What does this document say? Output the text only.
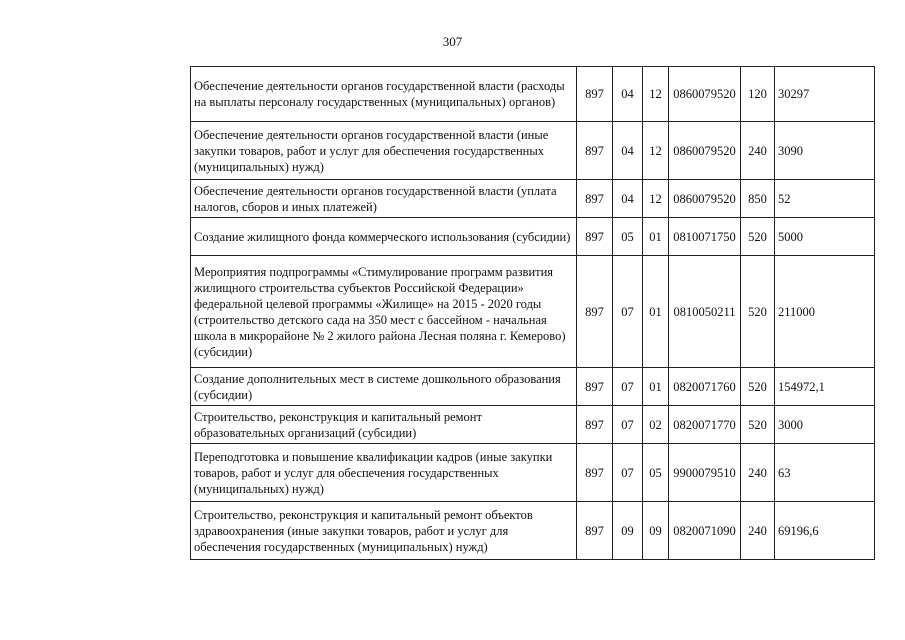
307
Обеспечение деятельности органов государственной власти (расходы на выплаты персоналу государственных (муниципальных) органов)	897	04	12	0860079520	120	30297
Обеспечение деятельности органов государственной власти (иные закупки товаров, работ и услуг для обеспечения государственных (муниципальных) нужд)	897	04	12	0860079520	240	3090
Обеспечение деятельности органов государственной власти (уплата налогов, сборов и иных платежей)	897	04	12	0860079520	850	52
Создание жилищного фонда коммерческого использования (субсидии)	897	05	01	0810071750	520	5000
Мероприятия подпрограммы «Стимулирование программ развития жилищного строительства субъектов Российской Федерации» федеральной целевой программы «Жилище» на 2015 - 2020 годы (строительство детского сада на 350 мест с бассейном - начальная школа в микрорайоне № 2 жилого района Лесная поляна г. Кемерово) (субсидии)	897	07	01	0810050211	520	211000
Создание дополнительных мест в системе дошкольного образования (субсидии)	897	07	01	0820071760	520	154972,1
Строительство, реконструкция и капитальный ремонт образовательных организаций (субсидии)	897	07	02	0820071770	520	3000
Переподготовка и повышение квалификации кадров (иные закупки товаров, работ и услуг для обеспечения государственных (муниципальных) нужд)	897	07	05	9900079510	240	63
Строительство, реконструкция и капитальный ремонт объектов здравоохранения (иные закупки товаров, работ и услуг для обеспечения государственных (муниципальных) нужд)	897	09	09	0820071090	240	69196,6
